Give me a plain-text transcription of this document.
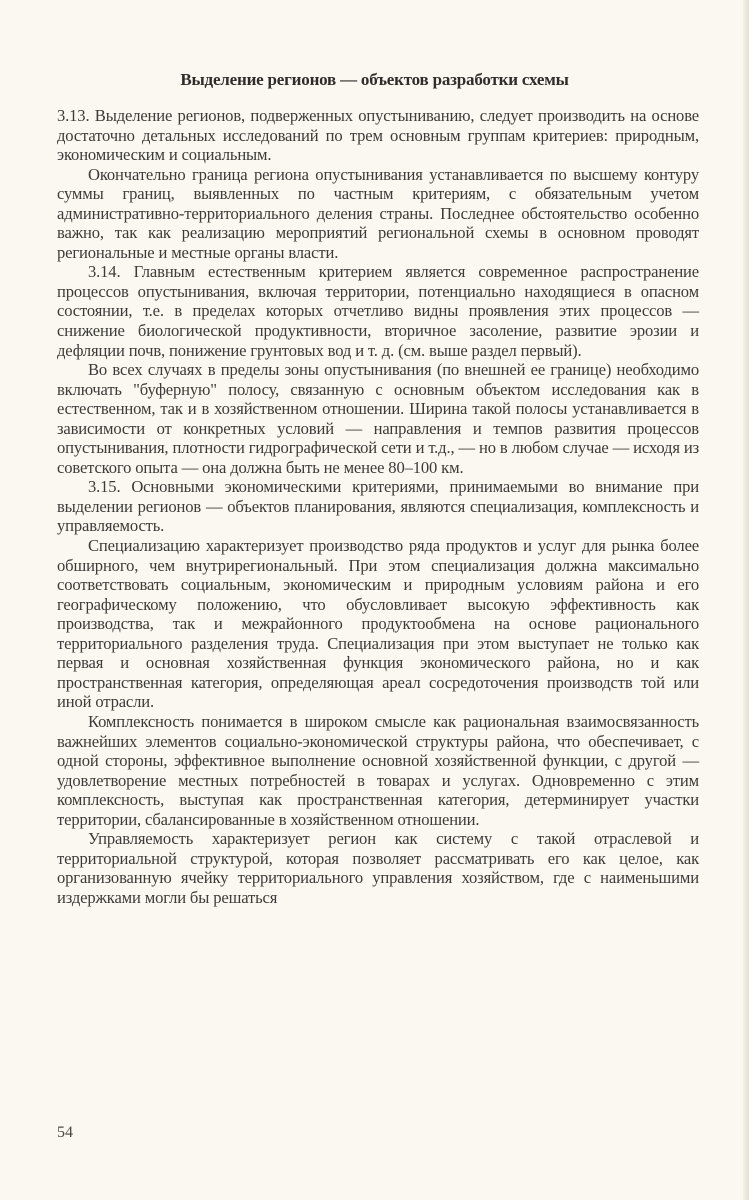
Выделение регионов — объектов разработки схемы

3.13. Выделение регионов, подверженных опустыниванию, следует производить на основе достаточно детальных исследований по трем основным группам критериев: природным, экономическим и социальным.

Окончательно граница региона опустынивания устанавливается по высшему контуру суммы границ, выявленных по частным критериям, с обязательным учетом административно-территориального деления страны. Последнее обстоятельство особенно важно, так как реализацию мероприятий региональной схемы в основном проводят региональные и местные органы власти.

3.14. Главным естественным критерием является современное распространение процессов опустынивания, включая территории, потенциально находящиеся в опасном состоянии, т.е. в пределах которых отчетливо видны проявления этих процессов — снижение биологической продуктивности, вторичное засоление, развитие эрозии и дефляции почв, понижение грунтовых вод и т. д. (см. выше раздел первый).

Во всех случаях в пределы зоны опустынивания (по внешней ее границе) необходимо включать "буферную" полосу, связанную с основным объектом исследования как в естественном, так и в хозяйственном отношении. Ширина такой полосы устанавливается в зависимости от конкретных условий — направления и темпов развития процессов опустынивания, плотности гидрографической сети и т.д., — но в любом случае — исходя из советского опыта — она должна быть не менее 80–100 км.

3.15. Основными экономическими критериями, принимаемыми во внимание при выделении регионов — объектов планирования, являются специализация, комплексность и управляемость.

Специализацию характеризует производство ряда продуктов и услуг для рынка более обширного, чем внутрирегиональный. При этом специализация должна максимально соответствовать социальным, экономическим и природным условиям района и его географическому положению, что обусловливает высокую эффективность как производства, так и межрайонного продуктообмена на основе рационального территориального разделения труда. Специализация при этом выступает не только как первая и основная хозяйственная функция экономического района, но и как пространственная категория, определяющая ареал сосредоточения производств той или иной отрасли.

Комплексность понимается в широком смысле как рациональная взаимосвязанность важнейших элементов социально-экономической структуры района, что обеспечивает, с одной стороны, эффективное выполнение основной хозяйственной функции, с другой — удовлетворение местных потребностей в товарах и услугах. Одновременно с этим комплексность, выступая как пространственная категория, детерминирует участки территории, сбалансированные в хозяйственном отношении.

Управляемость характеризует регион как систему с такой отраслевой и территориальной структурой, которая позволяет рассматривать его как целое, как организованную ячейку территориального управления хозяйством, где с наименьшими издержками могли бы решаться

54
